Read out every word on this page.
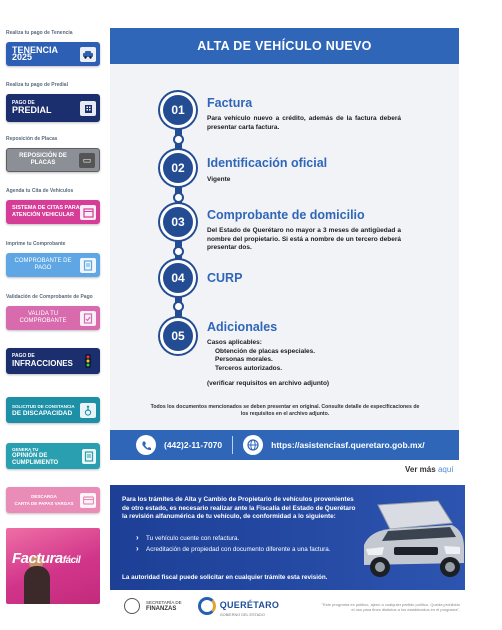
Realiza tu pago de Tenencia
TENENCIA 2025
Realiza tu pago de Predial
PAGO DE
PREDIAL
Reposición de Placas
REPOSICIÓN DE PLACAS	▭
Agenda tu Cita de Vehículos
SISTEMA DE CITAS PARA ATENCIÓN VEHICULAR
Imprime tu Comprobante
COMPROBANTE DE PAGO
Validación de Comprobante de Pago
VALIDA TU COMPROBANTE
PAGO DE
INFRACCIONES
SOLICITUD DE CONSTANCIA
DE DISCAPACIDAD
GENERA TU
OPINIÓN DE CUMPLIMIENTO
DESCARGA
CARTA DE PAPAS VARGAS
Facturafácil
ALTA DE VEHÍCULO NUEVO
01	Factura
Para vehículo nuevo a crédito, además de la factura deberá presentar carta factura.
02	Identificación oficial
Vigente
03	Comprobante de domicilio
Del Estado de Querétaro no mayor a 3 meses de antigüedad a nombre del propietario. Si está a nombre de un tercero deberá presentar dos.
04	CURP
05
Adicionales
Casos aplicables:
Obtención de placas especiales.
Personas morales.
Terceros autorizados.
(verificar requisitos en archivo adjunto)
Todos los documentos mencionados se deben presentar en original. Consulte detalle de especificaciones de los requisitos en el archivo adjunto.
(442)2-11-7070	https://asistenciasf.queretaro.gob.mx/
Ver más aquí
Para los trámites de Alta y Cambio de Propietario de vehículos provenientes de otro estado, es necesario realizar ante la Fiscalía del Estado de Querétaro la revisión alfanumérica de tu vehículo, de conformidad a lo siguiente:
› Tu vehículo cuente con refactura.
› Acreditación de propiedad con documento diferente a una factura.
La autoridad fiscal puede solicitar en cualquier trámite esta revisión.
SECRETARÍA DE
FINANZAS	QUERÉTARO
GOBIERNO DEL ESTADO
"Este programa es público, ajeno a cualquier partido político. Queda prohibido el uso para fines distintos a los establecidos en el programa".
